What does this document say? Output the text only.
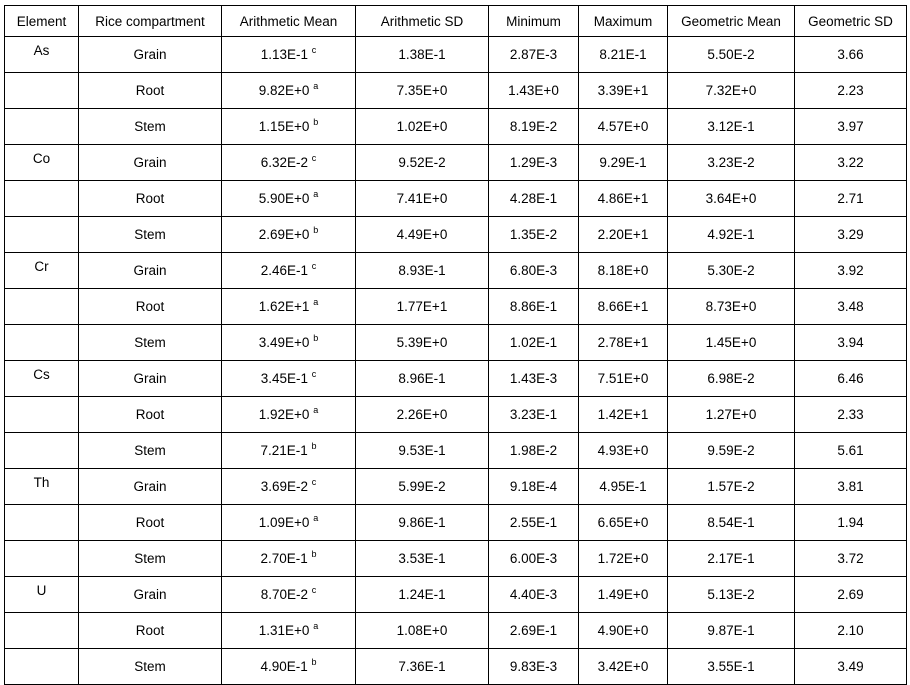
Element	Rice compartment	Arithmetic Mean	Arithmetic SD	Minimum	Maximum	Geometric Mean	Geometric SD
As	Grain	1.13E-1 $^c$	1.38E-1	2.87E-3	8.21E-1	5.50E-2	3.66
	Root	9.82E+0 $^a$	7.35E+0	1.43E+0	3.39E+1	7.32E+0	2.23
	Stem	1.15E+0 $^b$	1.02E+0	8.19E-2	4.57E+0	3.12E-1	3.97
Co	Grain	6.32E-2 $^c$	9.52E-2	1.29E-3	9.29E-1	3.23E-2	3.22
	Root	5.90E+0 $^a$	7.41E+0	4.28E-1	4.86E+1	3.64E+0	2.71
	Stem	2.69E+0 $^b$	4.49E+0	1.35E-2	2.20E+1	4.92E-1	3.29
Cr	Grain	2.46E-1 $^c$	8.93E-1	6.80E-3	8.18E+0	5.30E-2	3.92
	Root	1.62E+1 $^a$	1.77E+1	8.86E-1	8.66E+1	8.73E+0	3.48
	Stem	3.49E+0 $^b$	5.39E+0	1.02E-1	2.78E+1	1.45E+0	3.94
Cs	Grain	3.45E-1 $^c$	8.96E-1	1.43E-3	7.51E+0	6.98E-2	6.46
	Root	1.92E+0 $^a$	2.26E+0	3.23E-1	1.42E+1	1.27E+0	2.33
	Stem	7.21E-1 $^b$	9.53E-1	1.98E-2	4.93E+0	9.59E-2	5.61
Th	Grain	3.69E-2 $^c$	5.99E-2	9.18E-4	4.95E-1	1.57E-2	3.81
	Root	1.09E+0 $^a$	9.86E-1	2.55E-1	6.65E+0	8.54E-1	1.94
	Stem	2.70E-1 $^b$	3.53E-1	6.00E-3	1.72E+0	2.17E-1	3.72
U	Grain	8.70E-2 $^c$	1.24E-1	4.40E-3	1.49E+0	5.13E-2	2.69
	Root	1.31E+0 $^a$	1.08E+0	2.69E-1	4.90E+0	9.87E-1	2.10
	Stem	4.90E-1 $^b$	7.36E-1	9.83E-3	3.42E+0	3.55E-1	3.49
